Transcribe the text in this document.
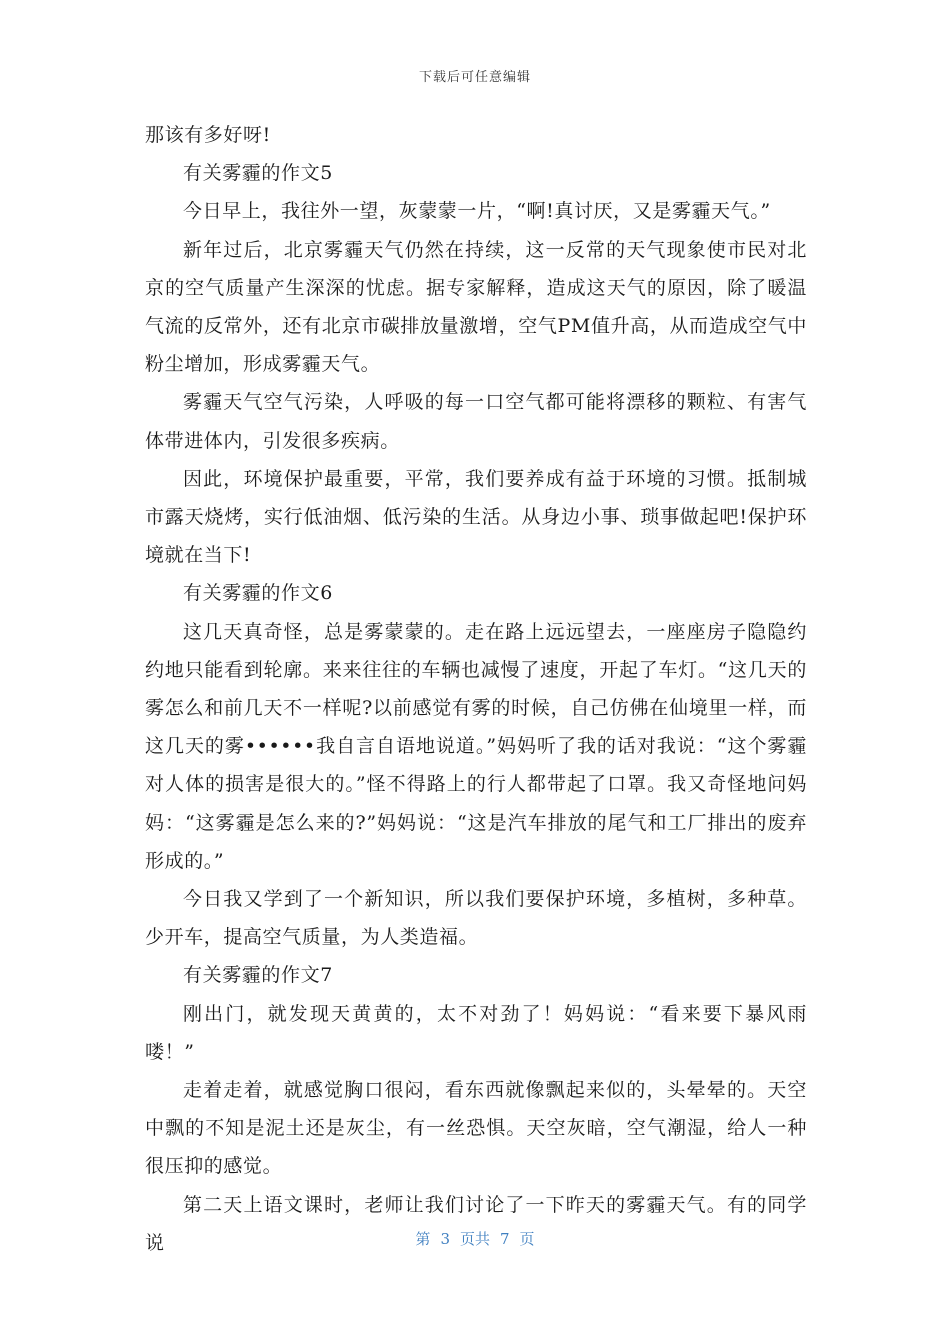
下载后可任意编辑

那该有多好呀!

有关雾霾的作文5

今日早上，我往外一望，灰蒙蒙一片，“啊!真讨厌，又是雾霾天气。”

新年过后，北京雾霾天气仍然在持续，这一反常的天气现象使市民对北京的空气质量产生深深的忧虑。据专家解释，造成这天气的原因，除了暖温气流的反常外，还有北京市碳排放量激增，空气PM值升高，从而造成空气中粉尘增加，形成雾霾天气。

雾霾天气空气污染，人呼吸的每一口空气都可能将漂移的颗粒、有害气体带进体内，引发很多疾病。

因此，环境保护最重要，平常，我们要养成有益于环境的习惯。抵制城市露天烧烤，实行低油烟、低污染的生活。从身边小事、琐事做起吧!保护环境就在当下!

有关雾霾的作文6

这几天真奇怪，总是雾蒙蒙的。走在路上远远望去，一座座房子隐隐约约地只能看到轮廓。来来往往的车辆也减慢了速度，开起了车灯。“这几天的雾怎么和前几天不一样呢?以前感觉有雾的时候，自己仿佛在仙境里一样，而这几天的雾••••••我自言自语地说道。”妈妈听了我的话对我说：“这个雾霾对人体的损害是很大的。”怪不得路上的行人都带起了口罩。我又奇怪地问妈妈：“这雾霾是怎么来的?”妈妈说：“这是汽车排放的尾气和工厂排出的废弃形成的。”

今日我又学到了一个新知识，所以我们要保护环境，多植树，多种草。少开车，提高空气质量，为人类造福。

有关雾霾的作文7

刚出门，就发现天黄黄的，太不对劲了！妈妈说：“看来要下暴风雨喽！”

走着走着，就感觉胸口很闷，看东西就像飘起来似的，头晕晕的。天空中飘的不知是泥土还是灰尘，有一丝恐惧。天空灰暗，空气潮湿，给人一种很压抑的感觉。

第二天上语文课时，老师让我们讨论了一下昨天的雾霾天气。有的同学说	第 3 页共 7 页
